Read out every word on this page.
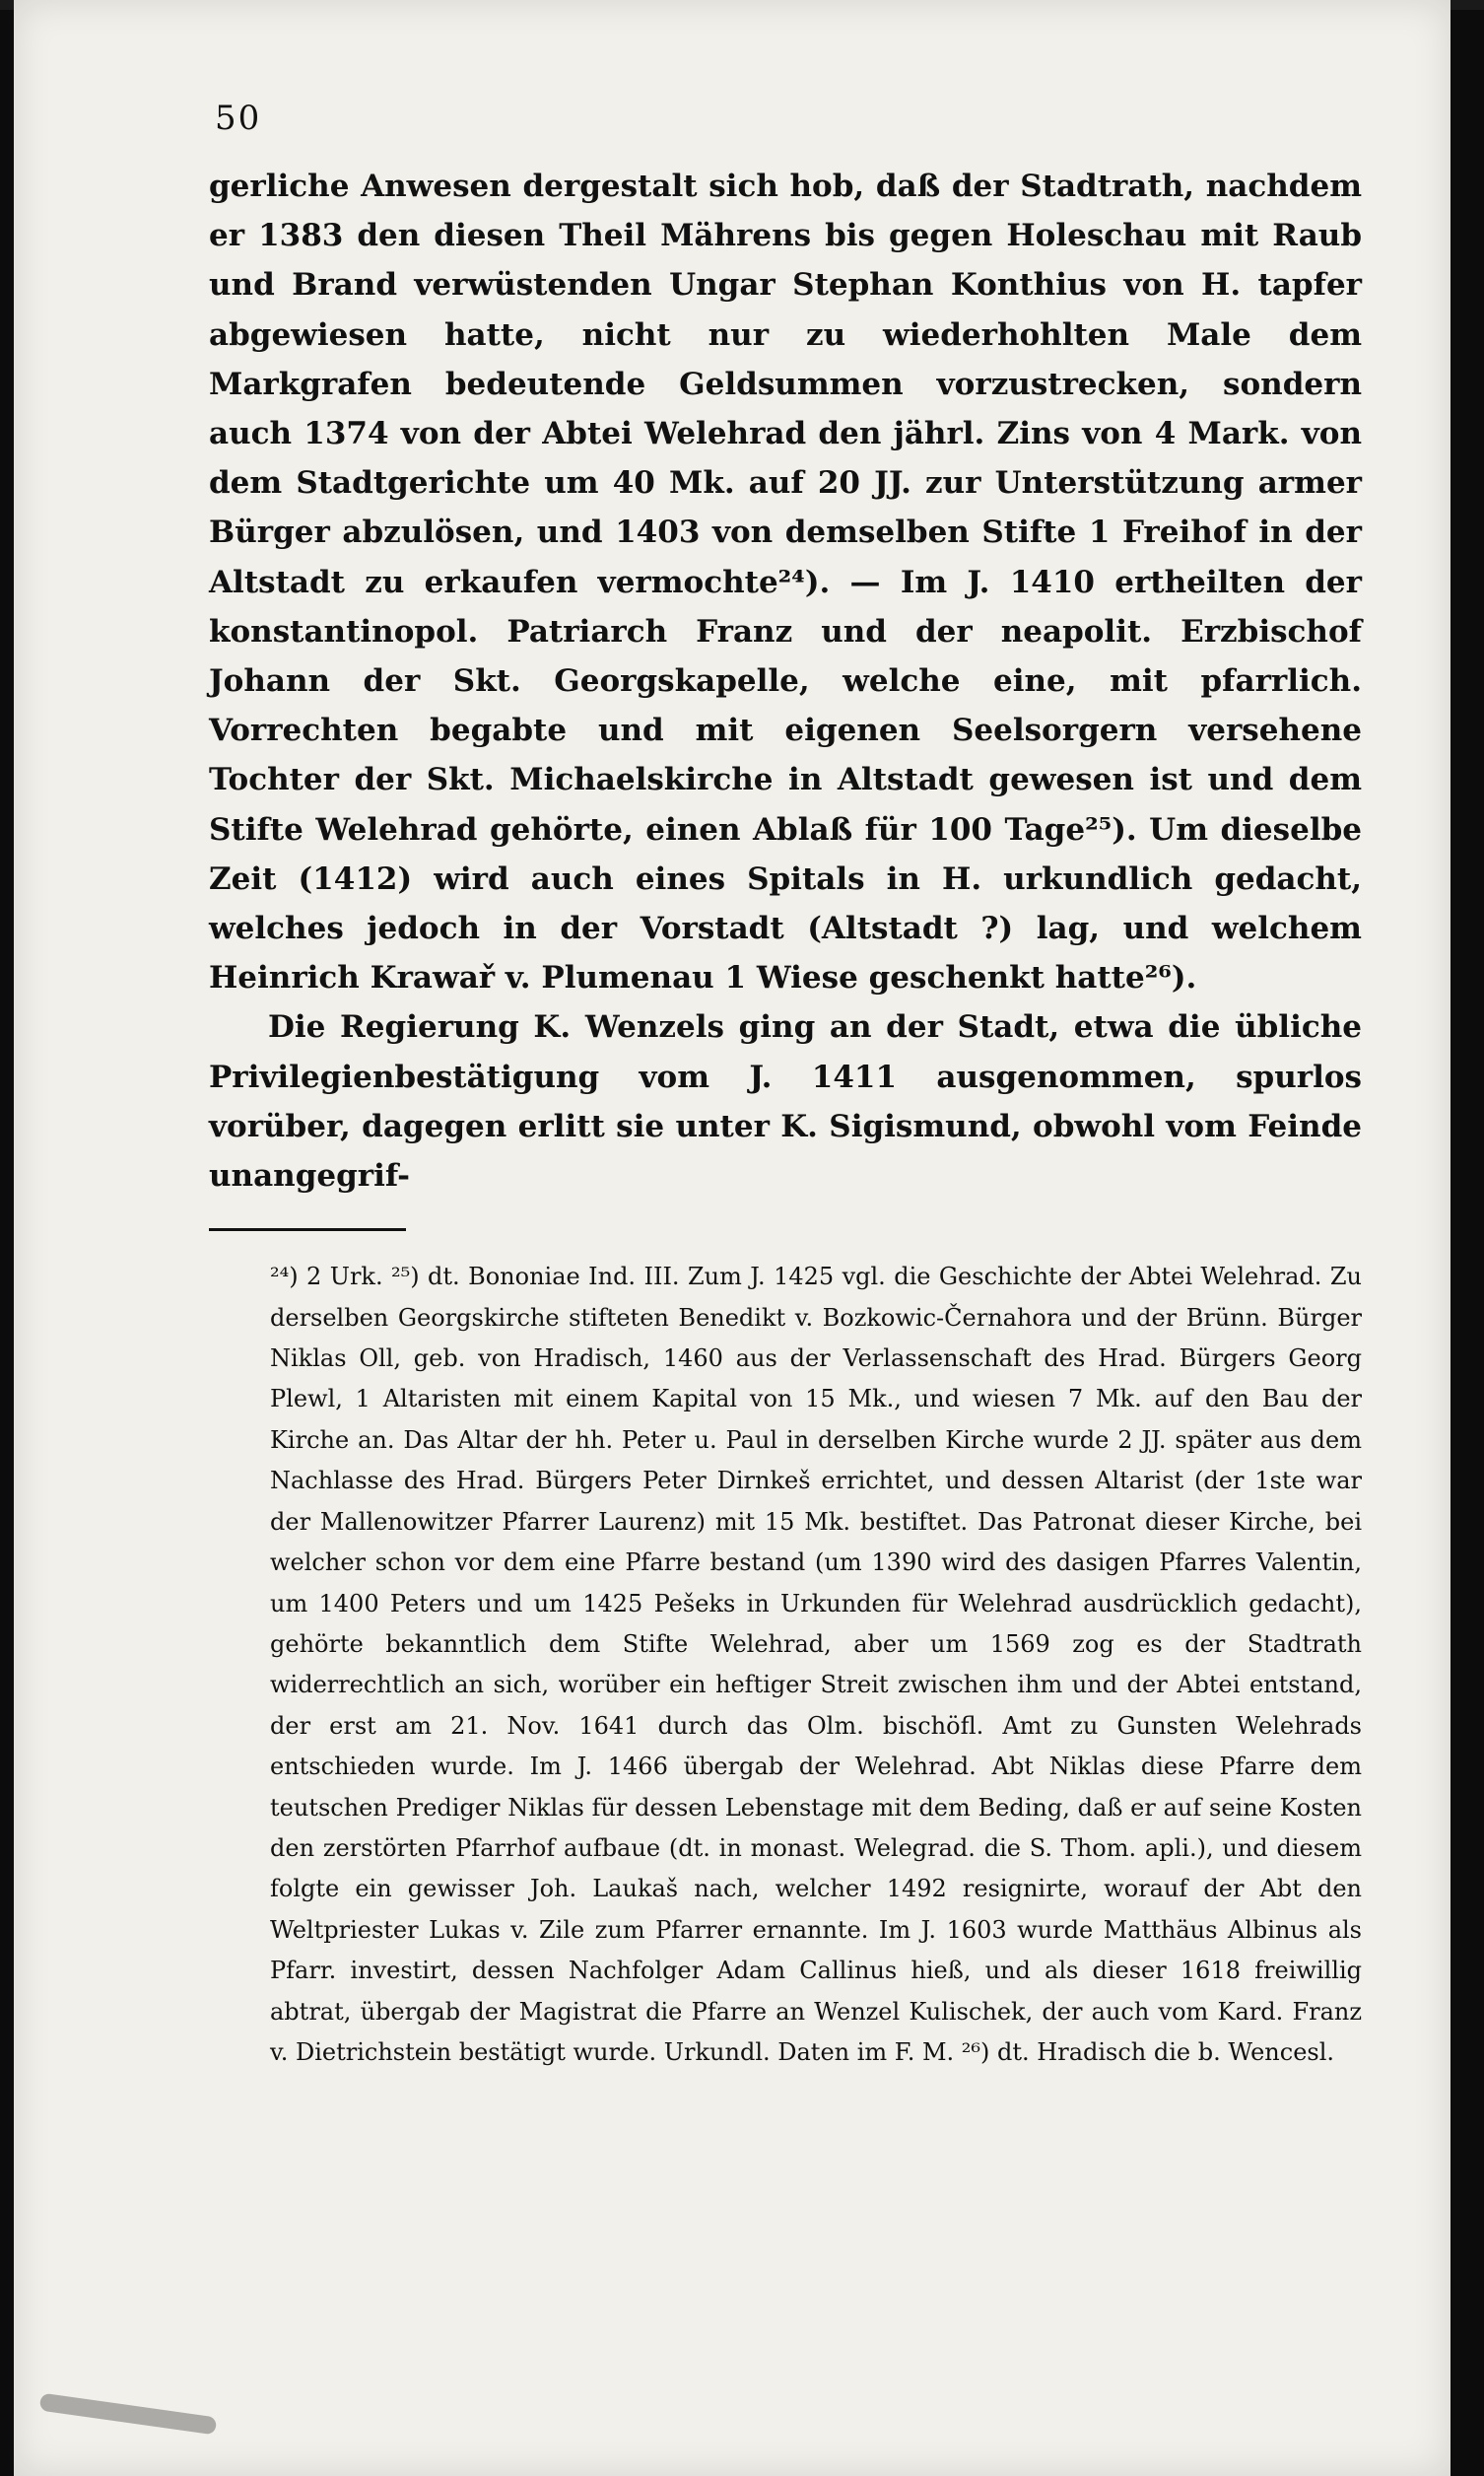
50

gerliche Anwesen dergestalt sich hob, daß der Stadtrath, nachdem er 1383 den diesen Theil Mährens bis gegen Holeschau mit Raub und Brand verwüstenden Ungar Stephan Konthius von H. tapfer abgewiesen hatte, nicht nur zu wiederhohlten Male dem Markgrafen bedeutende Geldsummen vorzustrecken, sondern auch 1374 von der Abtei Welehrad den jährl. Zins von 4 Mark. von dem Stadtgerichte um 40 Mk. auf 20 JJ. zur Unterstützung armer Bürger abzulösen, und 1403 von demselben Stifte 1 Freihof in der Altstadt zu erkaufen vermochte²⁴). — Im J. 1410 ertheilten der konstantinopol. Patriarch Franz und der neapolit. Erzbischof Johann der Skt. Georgskapelle, welche eine, mit pfarrlich. Vorrechten begabte und mit eigenen Seelsorgern versehene Tochter der Skt. Michaelskirche in Altstadt gewesen ist und dem Stifte Welehrad gehörte, einen Ablaß für 100 Tage²⁵). Um dieselbe Zeit (1412) wird auch eines Spitals in H. urkundlich gedacht, welches jedoch in der Vorstadt (Altstadt ?) lag, und welchem Heinrich Krawař v. Plumenau 1 Wiese geschenkt hatte²⁶).

Die Regierung K. Wenzels ging an der Stadt, etwa die übliche Privilegienbestätigung vom J. 1411 ausgenommen, spurlos vorüber, dagegen erlitt sie unter K. Sigismund, obwohl vom Feinde unangegrif-

²⁴) 2 Urk. ²⁵) dt. Bononiae Ind. III. Zum J. 1425 vgl. die Geschichte der Abtei Welehrad. Zu derselben Georgskirche stifteten Benedikt v. Bozkowic-Černahora und der Brünn. Bürger Niklas Oll, geb. von Hradisch, 1460 aus der Verlassenschaft des Hrad. Bürgers Georg Plewl, 1 Altaristen mit einem Kapital von 15 Mk., und wiesen 7 Mk. auf den Bau der Kirche an. Das Altar der hh. Peter u. Paul in derselben Kirche wurde 2 JJ. später aus dem Nachlasse des Hrad. Bürgers Peter Dirnkeš errichtet, und dessen Altarist (der 1ste war der Mallenowitzer Pfarrer Laurenz) mit 15 Mk. bestiftet. Das Patronat dieser Kirche, bei welcher schon vor dem eine Pfarre bestand (um 1390 wird des dasigen Pfarres Valentin, um 1400 Peters und um 1425 Pešeks in Urkunden für Welehrad ausdrücklich gedacht), gehörte bekanntlich dem Stifte Welehrad, aber um 1569 zog es der Stadtrath widerrechtlich an sich, worüber ein heftiger Streit zwischen ihm und der Abtei entstand, der erst am 21. Nov. 1641 durch das Olm. bischöfl. Amt zu Gunsten Welehrads entschieden wurde. Im J. 1466 übergab der Welehrad. Abt Niklas diese Pfarre dem teutschen Prediger Niklas für dessen Lebenstage mit dem Beding, daß er auf seine Kosten den zerstörten Pfarrhof aufbaue (dt. in monast. Welegrad. die S. Thom. apli.), und diesem folgte ein gewisser Joh. Laukaš nach, welcher 1492 resignirte, worauf der Abt den Weltpriester Lukas v. Zile zum Pfarrer ernannte. Im J. 1603 wurde Matthäus Albinus als Pfarr. investirt, dessen Nachfolger Adam Callinus hieß, und als dieser 1618 freiwillig abtrat, übergab der Magistrat die Pfarre an Wenzel Kulischek, der auch vom Kard. Franz v. Dietrichstein bestätigt wurde. Urkundl. Daten im F. M. ²⁶) dt. Hradisch die b. Wencesl.
